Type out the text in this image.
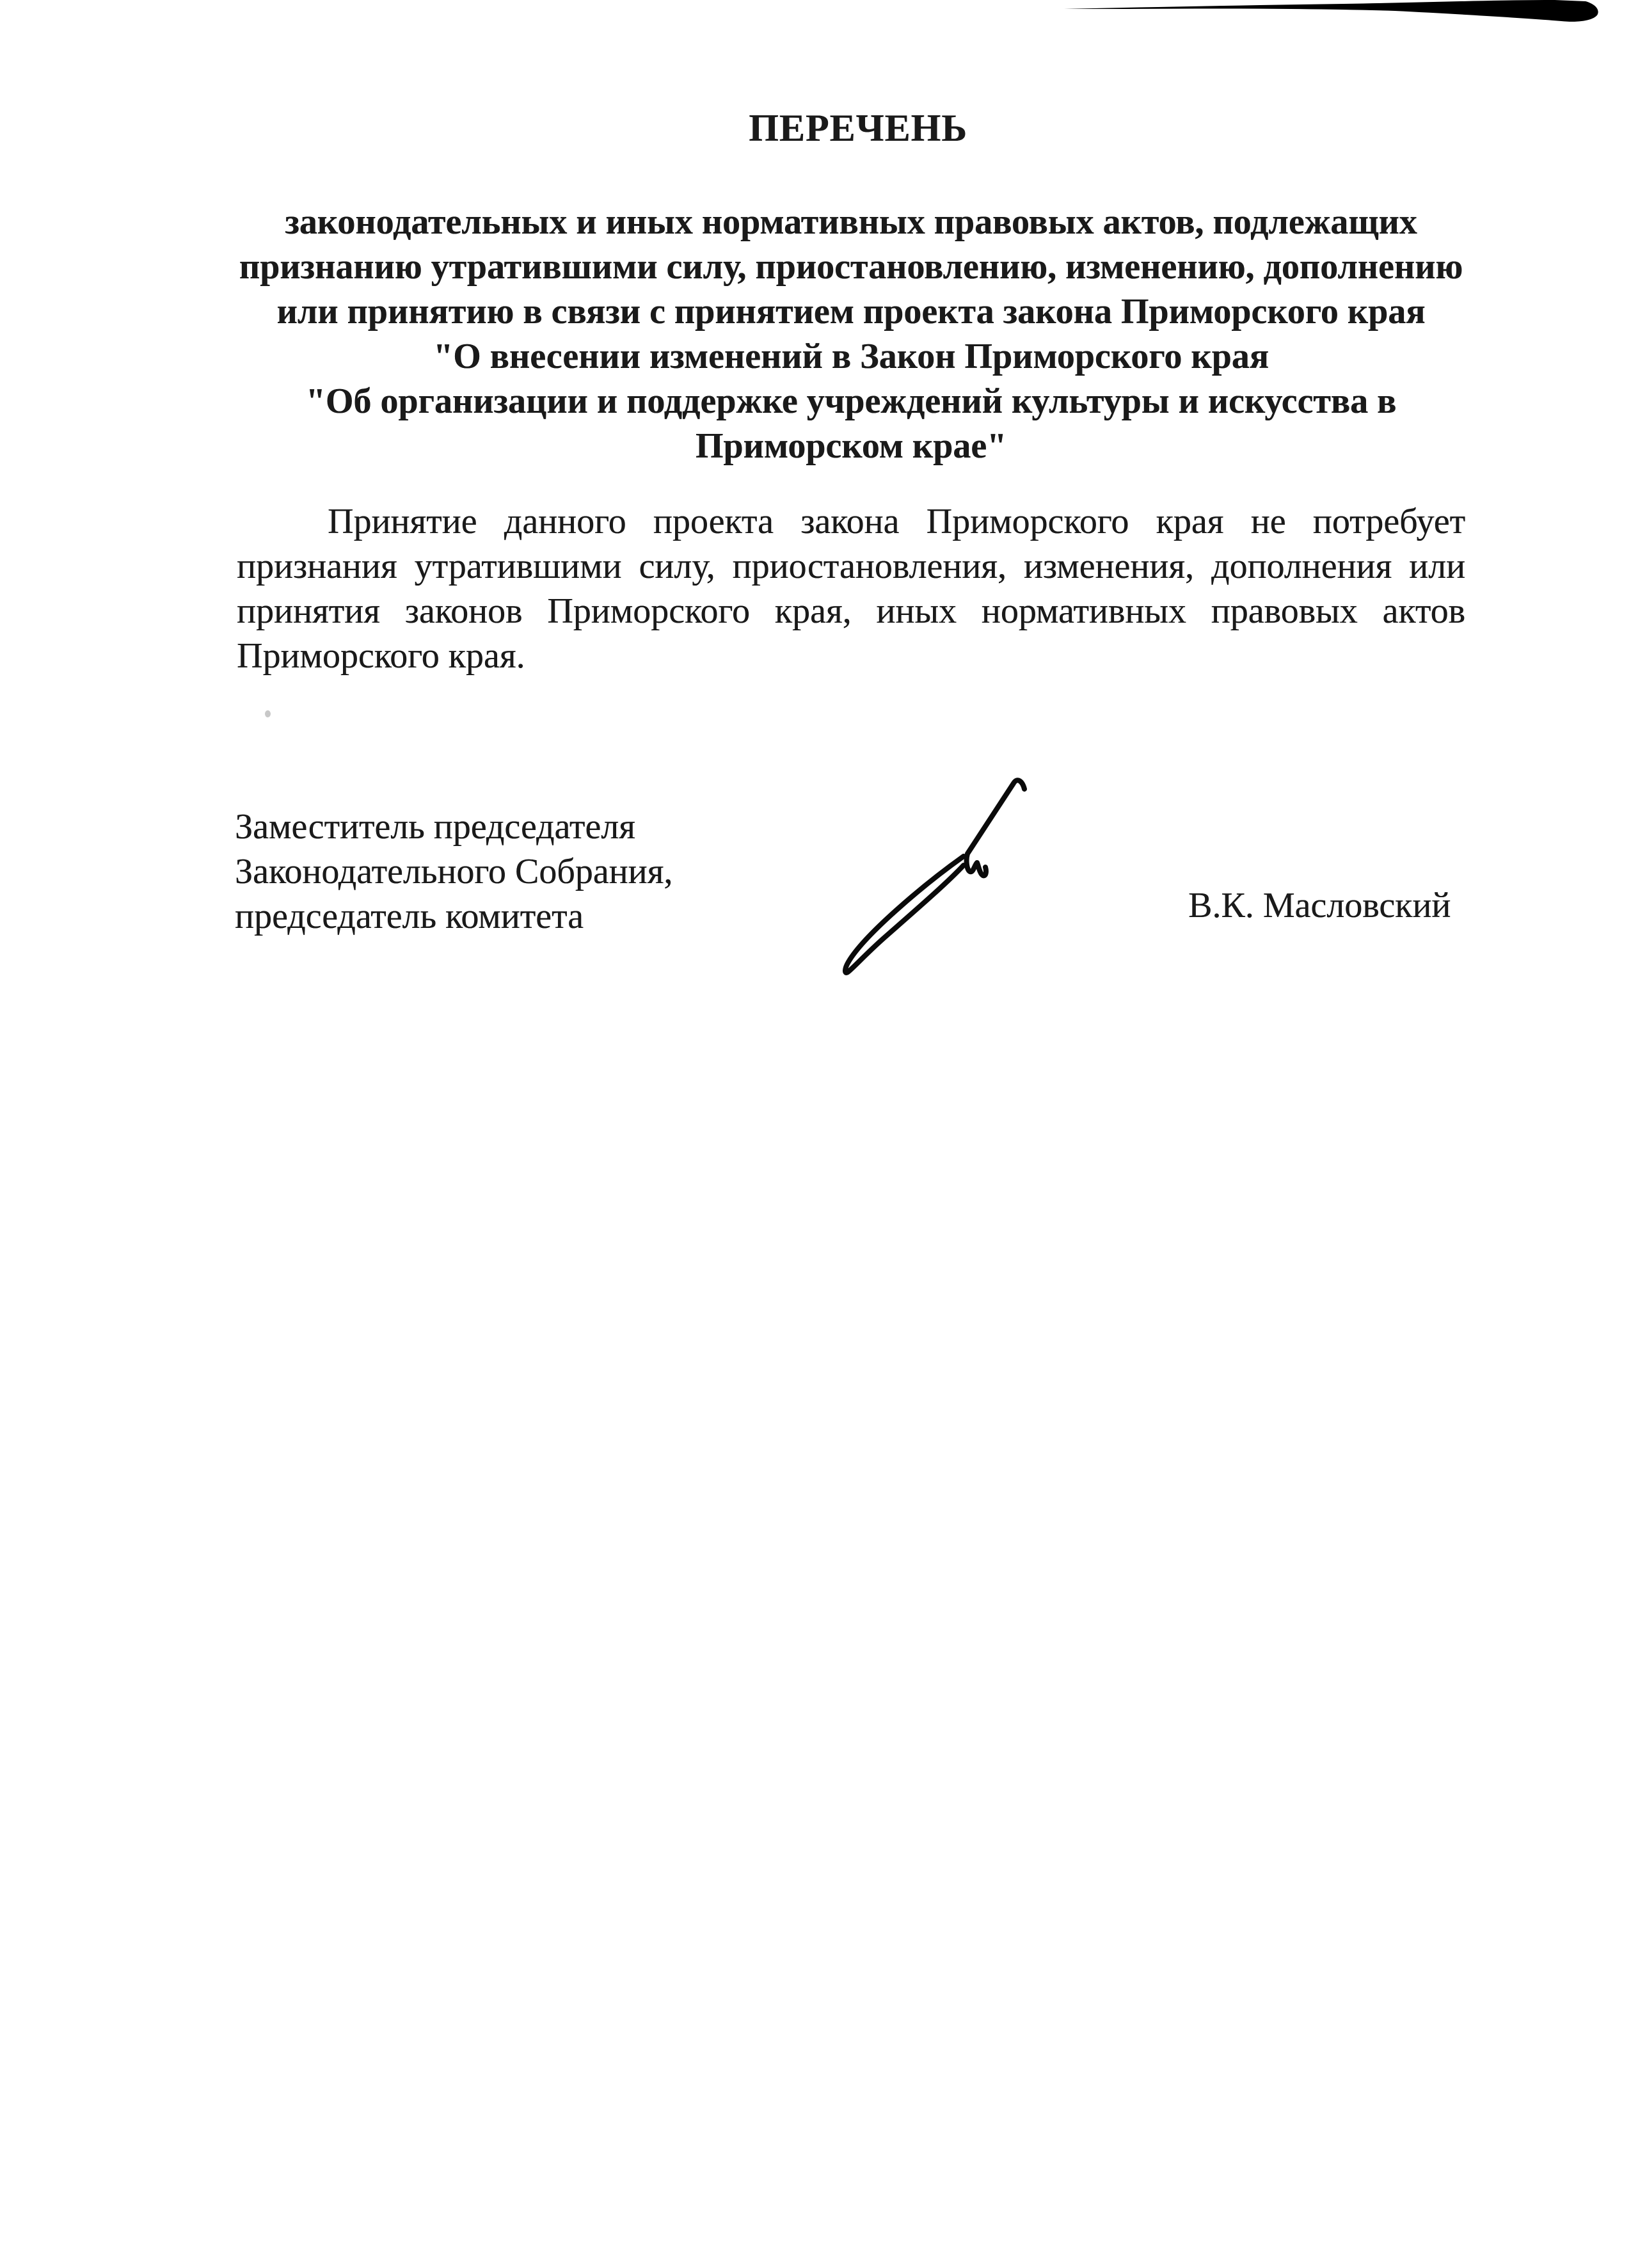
ПЕРЕЧЕНЬ
законодательных и иных нормативных правовых актов, подлежащих
признанию утратившими силу, приостановлению, изменению, дополнению
или принятию в связи с принятием проекта закона Приморского края
"О внесении изменений в Закон Приморского края
"Об организации и поддержке учреждений культуры и искусства в
Приморском крае"
Принятие данного проекта закона Приморского края не потребует
признания утратившими силу, приостановления, изменения, дополнения или
принятия законов Приморского края, иных нормативных правовых актов
Приморского края.
Заместитель председателя
Законодательного Собрания,
председатель комитета	В.К. Масловский
